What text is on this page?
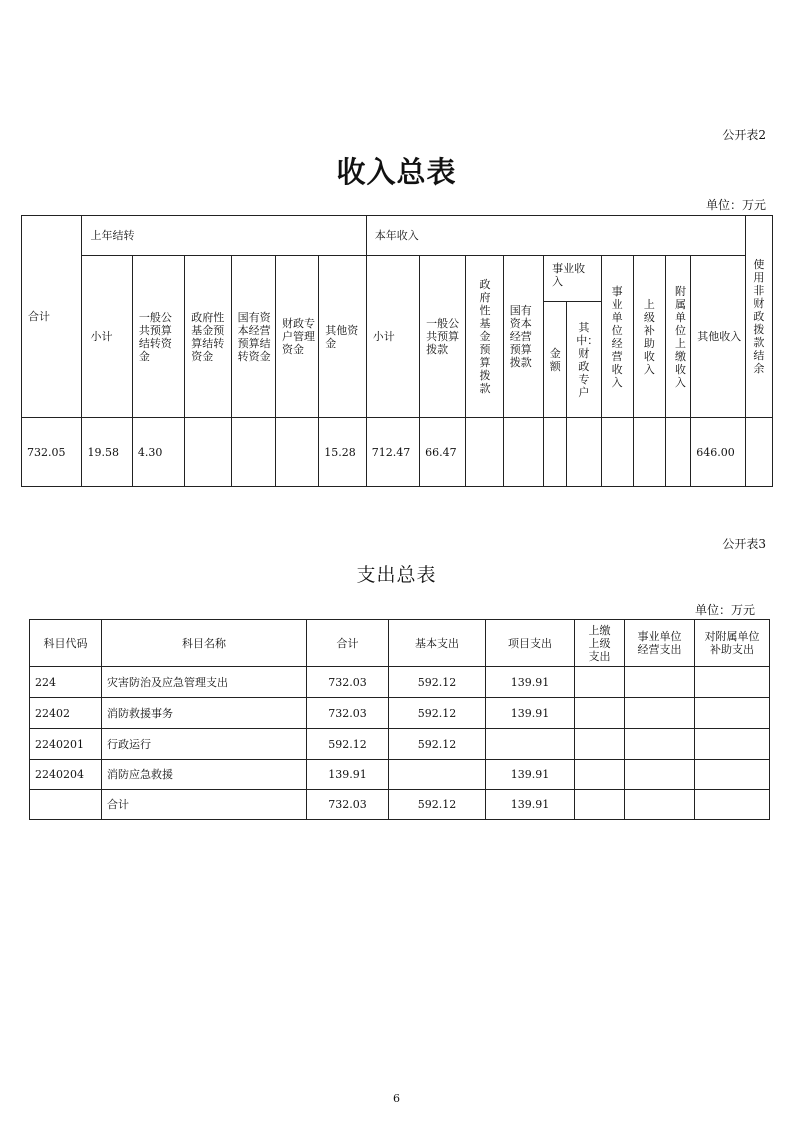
公开表2
收入总表
单位：万元
合计	上年结转						本年收入										使用非财政拨款结余
	小计	一般公共预算结转资金	政府性基金预算结转资金	国有资本经营预算结转资金	财政专户管理资金	其他资金	小计	一般公共预算拨款	政府性基金预算拨款	国有资本经营预算拨款	事业收入		事业单位经营收入	上级补助收入	附属单位上缴收入	其他收入	
											金额	其中：财政专户					
732.05	19.58	4.30				15.28	712.47	66.47								646.00	
公开表3
支出总表
单位：万元
科目代码	科目名称	合计	基本支出	项目支出	上缴上级支出	事业单位经营支出	对附属单位补助支出
224	灾害防治及应急管理支出	732.03	592.12	139.91			
22402	消防救援事务	732.03	592.12	139.91			
2240201	行政运行	592.12	592.12				
2240204	消防应急救援	139.91		139.91			
	合计	732.03	592.12	139.91			
6
